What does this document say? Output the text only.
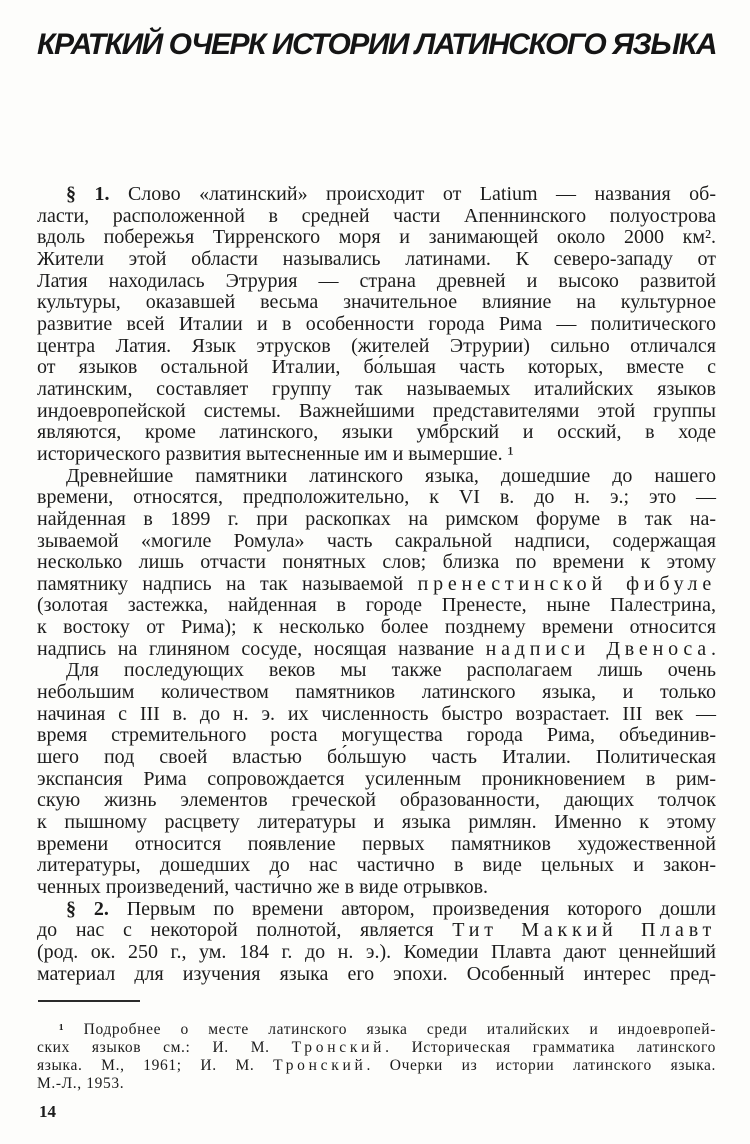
КРАТКИЙ ОЧЕРК ИСТОРИИ ЛАТИНСКОГО ЯЗЫКА
§ 1. Слово «латинский» происходит от Latium — названия об-
ласти, расположенной в средней части Апеннинского полуострова
вдоль побережья Тирренского моря и занимающей около 2000 км².
Жители этой области назывались латинами. К северо-западу от
Латия находилась Этрурия — страна древней и высоко развитой
культуры, оказавшей весьма значительное влияние на культурное
развитие всей Италии и в особенности города Рима — политического
центра Латия. Язык этрусков (жителей Этрурии) сильно отличался
от языков остальной Италии, бо́льшая часть которых, вместе с
латинским, составляет группу так называемых италийских языков
индоевропейской системы. Важнейшими представителями этой группы
являются, кроме латинского, языки умбрский и осский, в ходе
исторического развития вытесненные им и вымершие. ¹
Древнейшие памятники латинского языка, дошедшие до нашего
времени, относятся, предположительно, к VI в. до н. э.; это —
найденная в 1899 г. при раскопках на римском форуме в так на-
зываемой «могиле Ромула» часть сакральной надписи, содержащая
несколько лишь отчасти понятных слов; близка по времени к этому
памятнику надпись на так называемой пренестинской фибуле
(золотая застежка, найденная в городе Пренесте, ныне Палестрина,
к востоку от Рима); к несколько более позднему времени относится
надпись на глиняном сосуде, носящая название надписи Двеноса.
Для последующих веков мы также располагаем лишь очень
небольшим количеством памятников латинского языка, и только
начиная с III в. до н. э. их численность быстро возрастает. III век —
время стремительного роста могущества города Рима, объединив-
шего под своей властью бо́льшую часть Италии. Политическая
экспансия Рима сопровождается усиленным проникновением в рим-
скую жизнь элементов греческой образованности, дающих толчок
к пышному расцвету литературы и языка римлян. Именно к этому
времени относится появление первых памятников художественной
литературы, дошедших до нас частично в виде цельных и закон-
ченных произведений, части́чно же в виде отрывков.
§ 2. Первым по времени автором, произведения которого дошли
до нас с некоторой полнотой, является Тит Маккий Плавт
(род. ок. 250 г., ум. 184 г. до н. э.). Комедии Плавта дают ценнейший
материал для изучения языка его эпохи. Особенный интерес пред-
¹ Подробнее о месте латинского языка среди италийских и индоевропей-
ских языков см.: И. М. Тронский. Историческая грамматика латинского
языка. М., 1961; И. М. Тронский. Очерки из истории латинского языка.
М.-Л., 1953.
14
